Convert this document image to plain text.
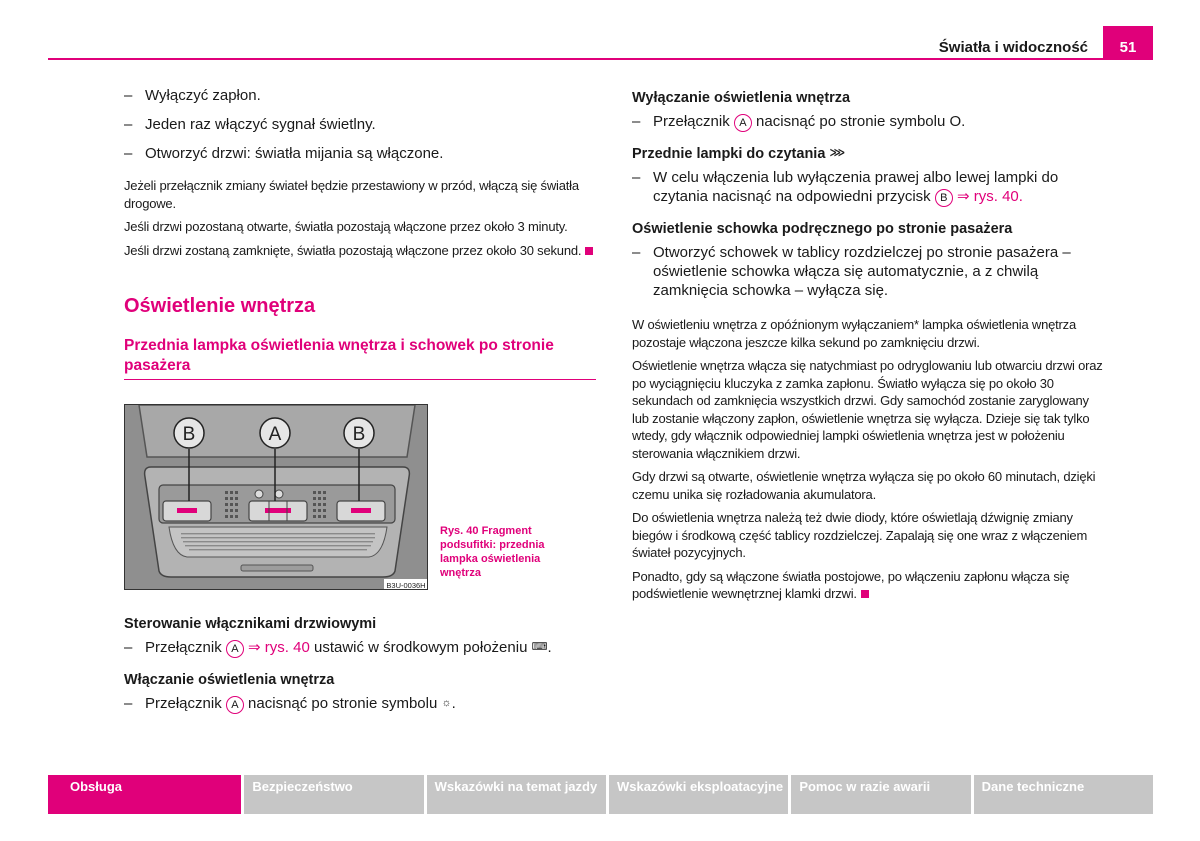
Światła i widoczność	51
– Wyłączyć zapłon.
– Jeden raz włączyć sygnał świetlny.
– Otworzyć drzwi: światła mijania są włączone.

Jeżeli przełącznik zmiany świateł będzie przestawiony w przód, włączą się światła drogowe.

Jeśli drzwi pozostaną otwarte, światła pozostają włączone przez około 3 minuty.

Jeśli drzwi zostaną zamknięte, światła pozostają włączone przez około 30 sekund.

Oświetlenie wnętrza
Przednia lampka oświetlenia wnętrza i schowek po stronie pasażera
B	A	B
B3U-0036H
Rys. 40 Fragment podsufitki: przednia lampka oświetlenia wnętrza
Sterowanie włącznikami drzwiowymi
– Przełącznik A ⇒ rys. 40 ustawić w środkowym położeniu ⌨.
Włączanie oświetlenia wnętrza
– Przełącznik A nacisnąć po stronie symbolu ☼.
Wyłączanie oświetlenia wnętrza
– Przełącznik A nacisnąć po stronie symbolu O.
Przednie lampki do czytania ⋙
– W celu włączenia lub wyłączenia prawej albo lewej lampki do czytania nacisnąć na odpowiedni przycisk B ⇒ rys. 40.
Oświetlenie schowka podręcznego po stronie pasażera
– Otworzyć schowek w tablicy rozdzielczej po stronie pasażera – oświetlenie schowka włącza się automatycznie, a z chwilą zamknięcia schowka – wyłącza się.

W oświetleniu wnętrza z opóźnionym wyłączaniem* lampka oświetlenia wnętrza pozostaje włączona jeszcze kilka sekund po zamknięciu drzwi.

Oświetlenie wnętrza włącza się natychmiast po odryglowaniu lub otwarciu drzwi oraz po wyciągnięciu kluczyka z zamka zapłonu. Światło wyłącza się po około 30 sekundach od zamknięcia wszystkich drzwi. Gdy samochód zostanie zaryglowany lub zostanie włączony zapłon, oświetlenie wnętrza się wyłącza. Dzieje się tak tylko wtedy, gdy włącznik odpowiedniej lampki oświetlenia wnętrza jest w położeniu sterowania włącznikiem drzwi.

Gdy drzwi są otwarte, oświetlenie wnętrza wyłącza się po około 60 minutach, dzięki czemu unika się rozładowania akumulatora.

Do oświetlenia wnętrza należą też dwie diody, które oświetlają dźwignię zmiany biegów i środkową część tablicy rozdzielczej. Zapalają się one wraz z włączeniem świateł pozycyjnych.

Ponadto, gdy są włączone światła postojowe, po włączeniu zapłonu włącza się podświetlenie wewnętrznej klamki drzwi.

Obsługa	Bezpieczeństwo	Wskazówki na temat jazdy	Wskazówki eksploatacyjne	Pomoc w razie awarii	Dane techniczne
